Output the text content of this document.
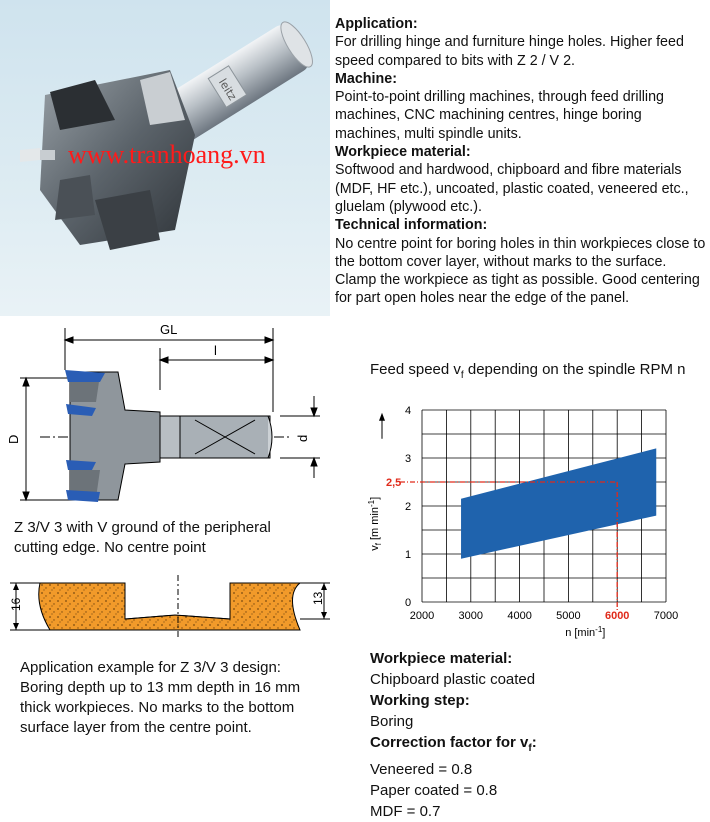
leitz
www.tranhoang.vn

Application:

For drilling hinge and furniture hinge holes. Higher feed speed compared to bits with Z 2 / V 2.

Machine:

Point-to-point drilling machines, through feed drilling machines, CNC machining centres, hinge boring machines, multi spindle units.

Workpiece material:

Softwood and hardwood, chipboard and fibre materials (MDF, HF etc.), uncoated, plastic coated, veneered etc., gluelam (plywood etc.).

Technical information:

No centre point for boring holes in thin workpieces close to the bottom cover layer, without marks to the surface. Clamp the workpiece as tight as possible. Good centering for part open holes near the edge of the panel.

GL
l
D	d
Z 3/V 3 with V ground of the peripheral cutting edge. No centre point
16	13
Application example for Z 3/V 3 design: Boring depth up to 13 mm depth in 16 mm thick workpieces. No marks to the bottom surface layer from the centre point.
Feed speed $v_f$ depending on the spindle RPM n
2000 3000 4000 5000 6000 7000
0
1
2
3
4
2,5
$v_f$ [m $\min^{-1}$]
n $[\min^{-1}]$
Workpiece material:
Chipboard plastic coated
Working step:
Boring
Correction factor for $v_f$:
Veneered = 0.8
Paper coated = 0.8
MDF = 0.7
